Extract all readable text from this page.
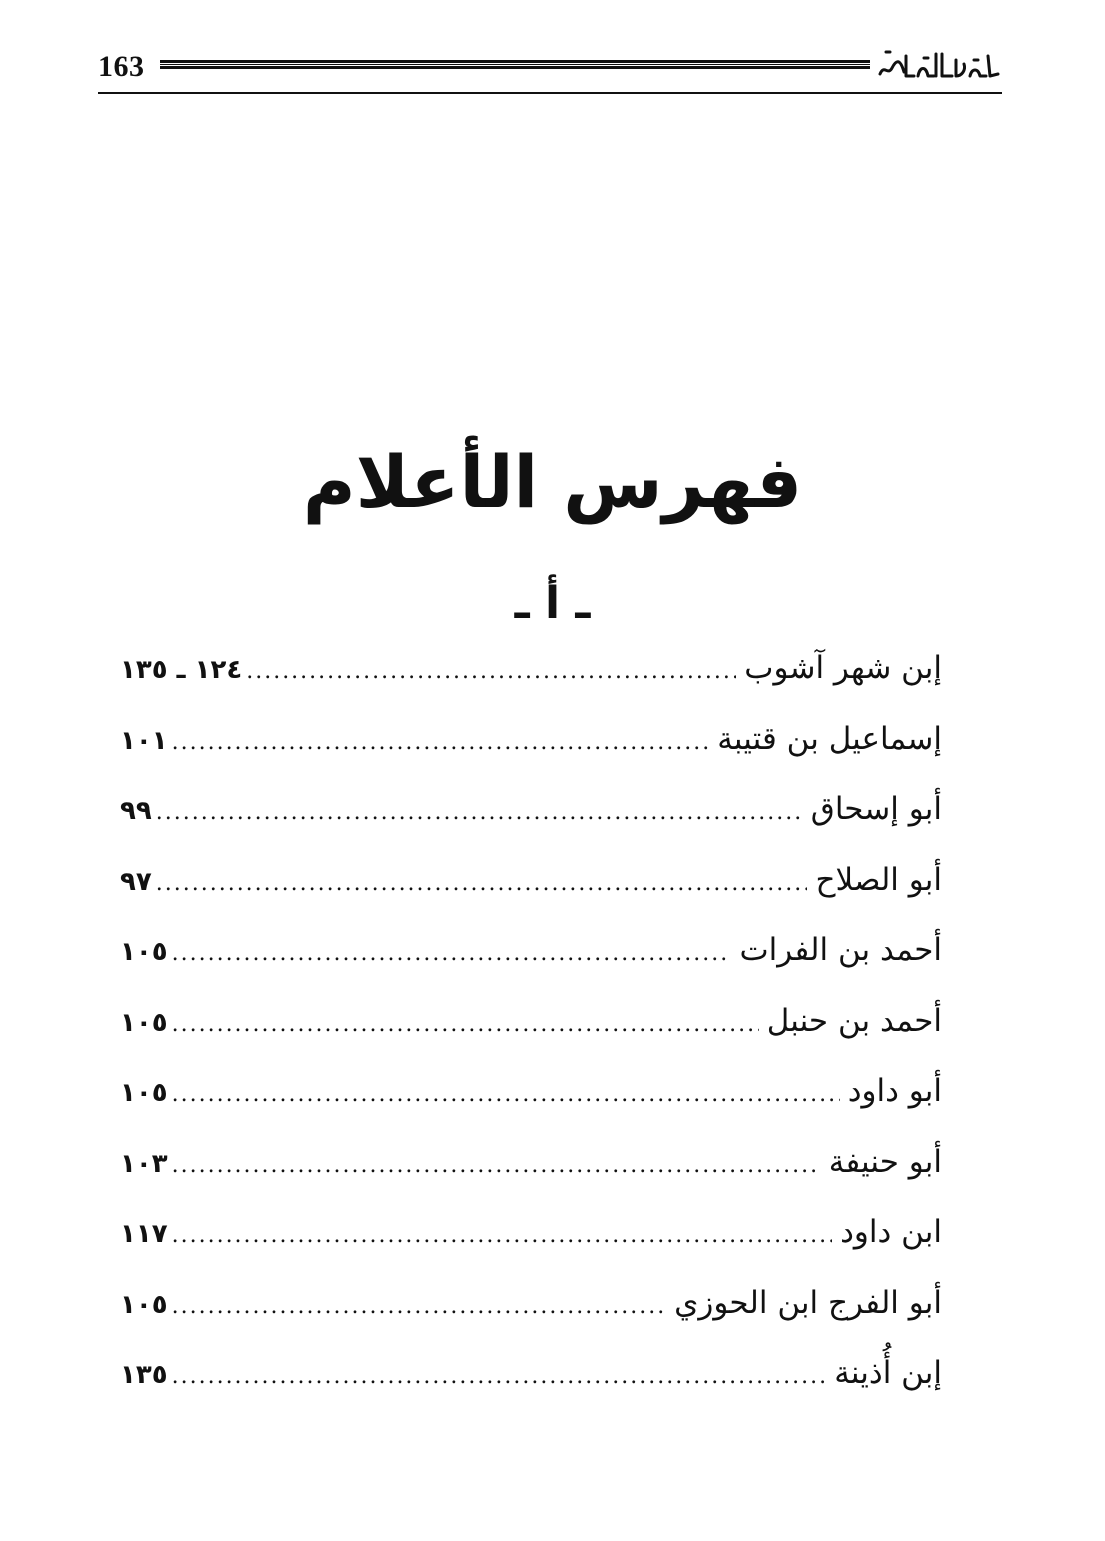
163
فهرس الأعلام
ـ أ ـ
إبن شهر آشوب
.....
١٢٤ ـ ١٣٥
إسماعيل بن قتيبة
.....
١٠١
أبو إسحاق
.....
٩٩
أبو الصلاح
.....
٩٧
أحمد بن الفرات
.....
١٠٥
أحمد بن حنبل
.....
١٠٥
أبو داود
.....
١٠٥
أبو حنيفة
.....
١٠٣
ابن داود
.....
١١٧
أبو الفرج ابن الحوزي
.....
١٠٥
إبن أُذينة
.....
١٣٥
